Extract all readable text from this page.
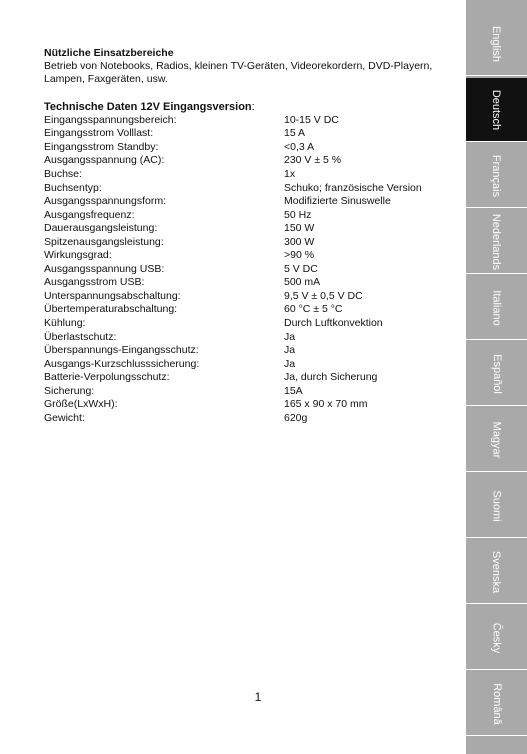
Nützliche Einsatzbereiche

Betrieb von Notebooks, Radios, kleinen TV-Geräten, Videorekordern, DVD-Playern, Lampen, Faxgeräten, usw.

Technische Daten 12V Eingangsversion:

Eingangsspannungsbereich:	10-15 V DC
Eingangsstrom Volllast:	15 A
Eingangsstrom Standby:	<0,3 A
Ausgangsspannung (AC):	230 V ± 5 %
Buchse:	1x
Buchsentyp:	Schuko; französische Version
Ausgangsspannungsform:	Modifizierte Sinuswelle
Ausgangsfrequenz:	50 Hz
Dauerausgangsleistung:	150 W
Spitzenausgangsleistung:	300 W
Wirkungsgrad:	>90 %
Ausgangsspannung USB:	5 V DC
Ausgangsstrom USB:	500 mA
Unterspannungsabschaltung:	9,5 V ± 0,5 V DC
Übertemperaturabschaltung:	60 °C ± 5 °C
Kühlung:	Durch Luftkonvektion
Überlastschutz:	Ja
Überspannungs-Eingangsschutz:	Ja
Ausgangs-Kurzschlusssicherung:	Ja
Batterie-Verpolungsschutz:	Ja, durch Sicherung
Sicherung:	15A
Größe(LxWxH):	165 x 90 x 70 mm
Gewicht:	620g
1
English
Deutsch
Français
Nederlands
Italiano
Español
Magyar
Suomi
Svenska
Česky
Română
